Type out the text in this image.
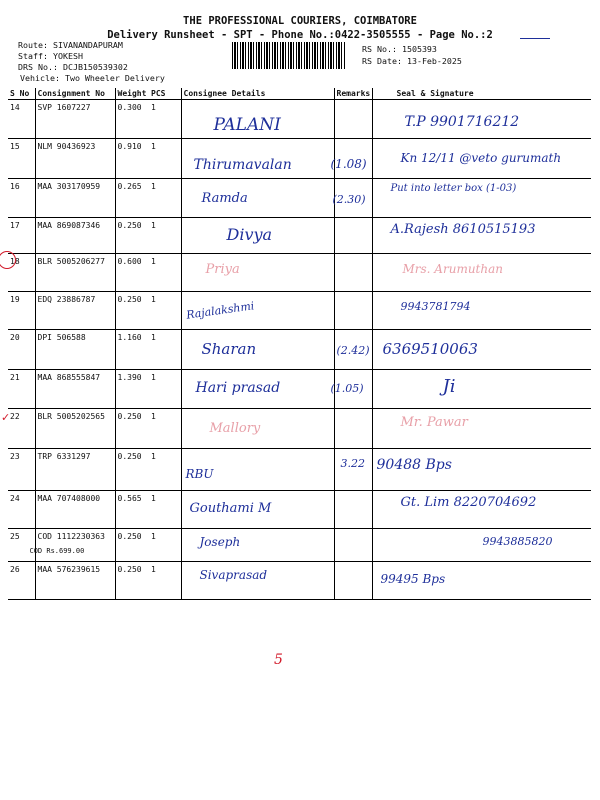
THE PROFESSIONAL COURIERS, COIMBATORE
Delivery Runsheet - SPT - Phone No.:0422-3505555 - Page No.:2
Route: SIVANANDAPURAM
Staff: YOKESH
DRS No.: DCJB150539302
Vehicle: Two Wheeler Delivery
RS No.: 1505393
RS Date: 13-Feb-2025
S No	Consignment No	Weight	PCS	Consignee Details	Remarks	Seal & Signature
14	SVP 1607227	0.300	1	PALANI		T.P 9901716212

15	NLM 90436923	0.910	1	Thirumavalan	(1.08)	Kn 12/11 @veto gurumath

16	MAA 303170959	0.265	1	Ramda	(2.30)	Put into letter box (1-03)

17	MAA 869087346	0.250	1	Divya		A.Rajesh 8610515193

18	BLR 5005206277	0.600	1	Priya		Mrs. Arumuthan

19	EDQ 23886787	0.250	1	Rajalakshmi		9943781794

20	DPI 506588	1.160	1	Sharan	(2.42)	6369510063

21	MAA 868555847	1.390	1	Hari prasad	(1.05)	Ji

✓ 22	BLR 5005202565	0.250	1	Mallory		Mr. Pawar

23	TRP 6331297	0.250	1	RBU	3.22	90488 Bps

24	MAA 707408000	0.565	1	Gouthami M		Gt. Lim 8220704692

25	COD 1112230363
COD Rs.699.00	0.250	1	Joseph		9943885820

26	MAA 576239615	0.250	1	Sivaprasad		99495 Bps
5
